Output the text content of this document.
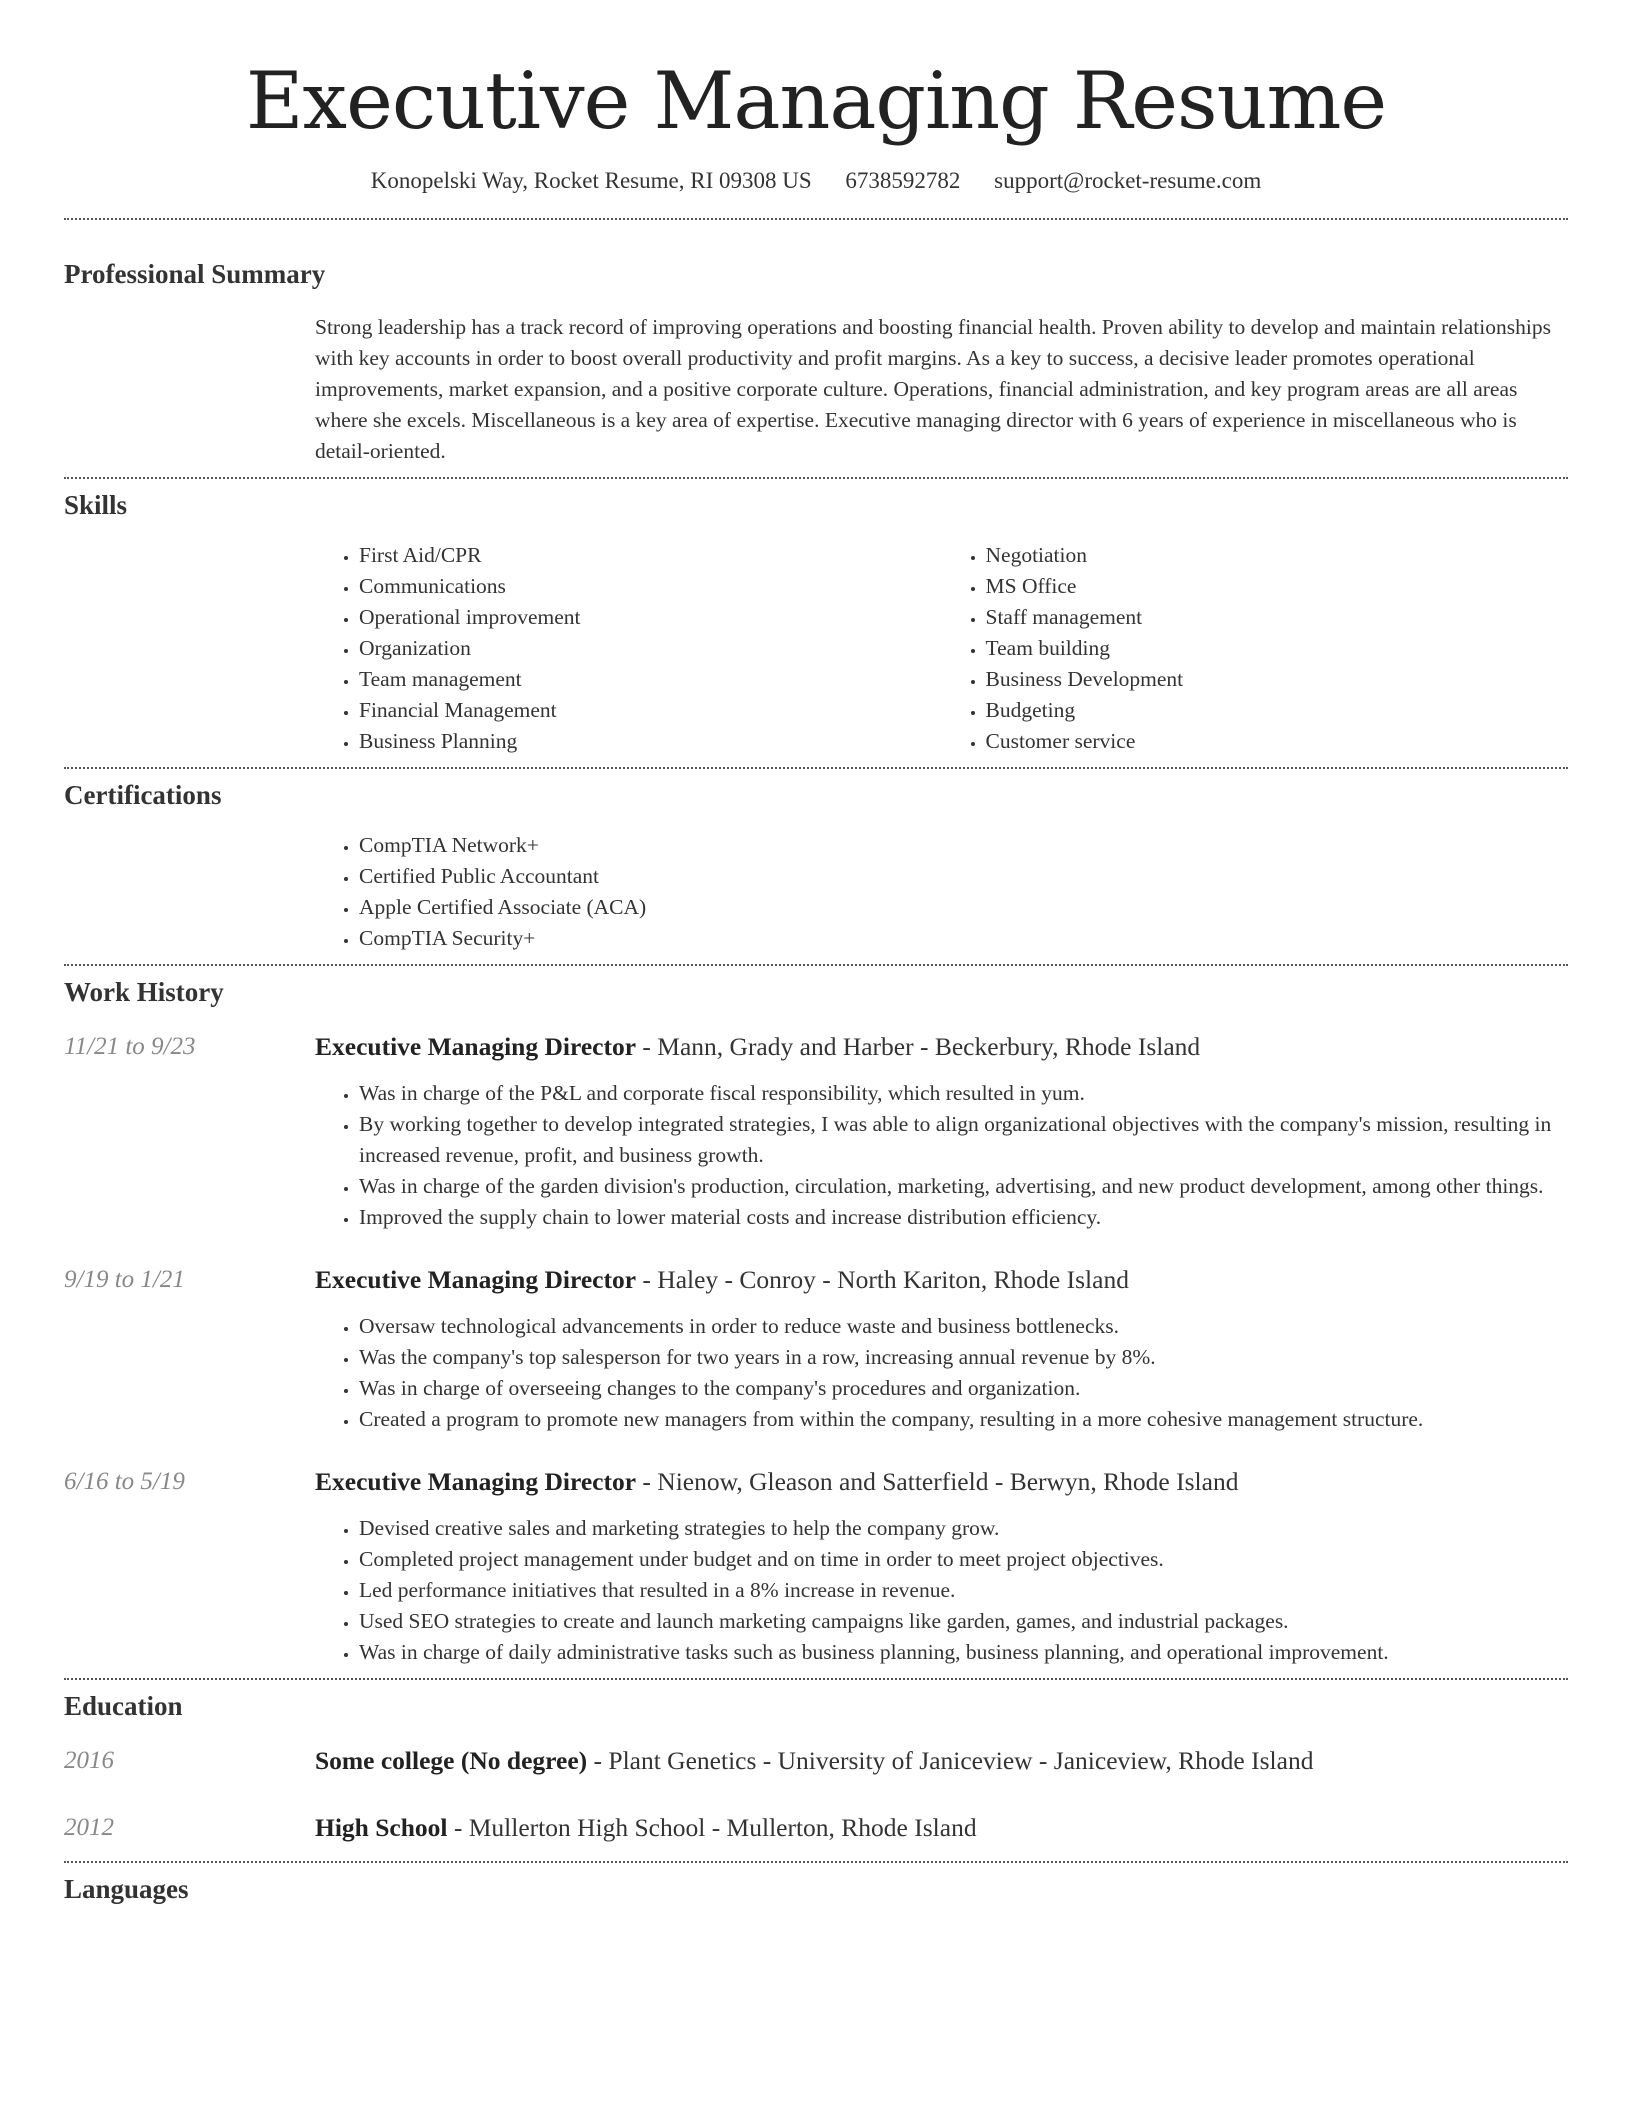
Executive Managing Resume
Konopelski Way, Rocket Resume, RI 09308 US 6738592782 support@rocket-resume.com
Professional Summary

Strong leadership has a track record of improving operations and boosting financial health. Proven ability to develop and maintain relationships with key accounts in order to boost overall productivity and profit margins. As a key to success, a decisive leader promotes operational improvements, market expansion, and a positive corporate culture. Operations, financial administration, and key program areas are all areas where she excels. Miscellaneous is a key area of expertise. Executive managing director with 6 years of experience in miscellaneous who is detail-oriented.

Skills
• First Aid/CPR
• Communications
• Operational improvement
• Organization
• Team management
• Financial Management
• Business Planning
• Negotiation
• MS Office
• Staff management
• Team building
• Business Development
• Budgeting
• Customer service
Certifications
• CompTIA Network+
• Certified Public Accountant
• Apple Certified Associate (ACA)
• CompTIA Security+
Work History
11/21 to 9/23	Executive Managing Director - Mann, Grady and Harber - Beckerbury, Rhode Island
• Was in charge of the P&L and corporate fiscal responsibility, which resulted in yum.
• By working together to develop integrated strategies, I was able to align organizational objectives with the company's mission, resulting in increased revenue, profit, and business growth.
• Was in charge of the garden division's production, circulation, marketing, advertising, and new product development, among other things.
• Improved the supply chain to lower material costs and increase distribution efficiency.
9/19 to 1/21	Executive Managing Director - Haley - Conroy - North Kariton, Rhode Island
• Oversaw technological advancements in order to reduce waste and business bottlenecks.
• Was the company's top salesperson for two years in a row, increasing annual revenue by 8%.
• Was in charge of overseeing changes to the company's procedures and organization.
• Created a program to promote new managers from within the company, resulting in a more cohesive management structure.
6/16 to 5/19	Executive Managing Director - Nienow, Gleason and Satterfield - Berwyn, Rhode Island
• Devised creative sales and marketing strategies to help the company grow.
• Completed project management under budget and on time in order to meet project objectives.
• Led performance initiatives that resulted in a 8% increase in revenue.
• Used SEO strategies to create and launch marketing campaigns like garden, games, and industrial packages.
• Was in charge of daily administrative tasks such as business planning, business planning, and operational improvement.
Education
2016	Some college (No degree) - Plant Genetics - University of Janiceview - Janiceview, Rhode Island
2012	High School - Mullerton High School - Mullerton, Rhode Island
Languages
